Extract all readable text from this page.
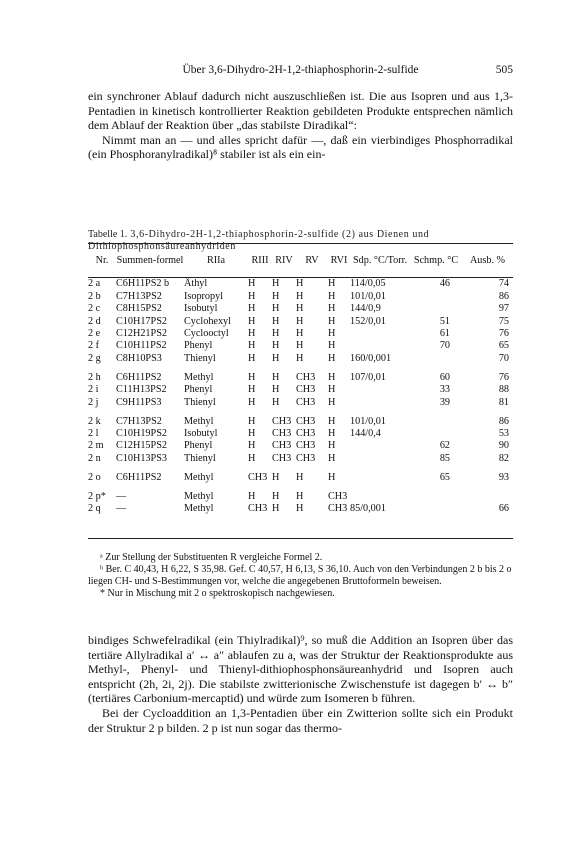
Über 3,6-Dihydro-2H-1,2-thiaphosphorin-2-sulfide	505

ein synchroner Ablauf dadurch nicht auszuschließen ist. Die aus Isopren und aus 1,3-Pentadien in kinetisch kontrollierter Reaktion gebildeten Produkte entsprechen nämlich dem Ablauf der Reaktion über „das stabilste Diradikal“:

Nimmt man an — und alles spricht dafür —, daß ein vierbindiges Phosphorradikal (ein Phosphoranylradikal)⁸ stabiler ist als ein ein-

Tabelle 1. 3,6-Dihydro-2H-1,2-thiaphosphorin-2-sulfide (2) aus Dienen und Dithiophosphonsäureanhydriden
Nr.	Summen-formel	RIIa	RIII	RIV	RV	RVI	Sdp. °C/Torr.	Schmp. °C	Ausb. %
2 a	C6H11PS2 b	Äthyl	H	H	H	H	114/0,05	46	74
2 b	C7H13PS2	Isopropyl	H	H	H	H	101/0,01		86
2 c	C8H15PS2	Isobutyl	H	H	H	H	144/0,9		97
2 d	C10H17PS2	Cyclohexyl	H	H	H	H	152/0,01	51	75
2 e	C12H21PS2	Cyclooctyl	H	H	H	H		61	76
2 f	C10H11PS2	Phenyl	H	H	H	H		70	65
2 g	C8H10PS3	Thienyl	H	H	H	H	160/0,001		70
2 h	C6H11PS2	Methyl	H	H	CH3	H	107/0,01	60	76
2 i	C11H13PS2	Phenyl	H	H	CH3	H		33	88
2 j	C9H11PS3	Thienyl	H	H	CH3	H		39	81
2 k	C7H13PS2	Methyl	H	CH3	CH3	H	101/0,01		86
2 l	C10H19PS2	Isobutyl	H	CH3	CH3	H	144/0,4		53
2 m	C12H15PS2	Phenyl	H	CH3	CH3	H		62	90
2 n	C10H13PS3	Thienyl	H	CH3	CH3	H		85	82
2 o	C6H11PS2	Methyl	CH3	H	H	H		65	93
2 p*	—	Methyl	H	H	H	CH3			
2 q	—	Methyl	CH3	H	H	CH3	85/0,001		66

ᵃ Zur Stellung der Substituenten R vergleiche Formel 2.

ᵇ Ber. C 40,43, H 6,22, S 35,98. Gef. C 40,57, H 6,13, S 36,10. Auch von den Verbindungen 2 b bis 2 o liegen CH- und S-Bestimmungen vor, welche die angegebenen Bruttoformeln beweisen.

* Nur in Mischung mit 2 o spektroskopisch nachgewiesen.

bindiges Schwefelradikal (ein Thiylradikal)⁹, so muß die Addition an Isopren über das tertiäre Allylradikal a′ ↔ a″ ablaufen zu a, was der Struktur der Reaktionsprodukte aus Methyl-, Phenyl- und Thienyl-dithiophosphonsäureanhydrid und Isopren auch entspricht (2h, 2i, 2j). Die stabilste zwitterionische Zwischenstufe ist dagegen b′ ↔ b″ (tertiäres Carbonium-mercaptid) und würde zum Isomeren b führen.

Bei der Cycloaddition an 1,3-Pentadien über ein Zwitterion sollte sich ein Produkt der Struktur 2 p bilden. 2 p ist nun sogar das thermo-
